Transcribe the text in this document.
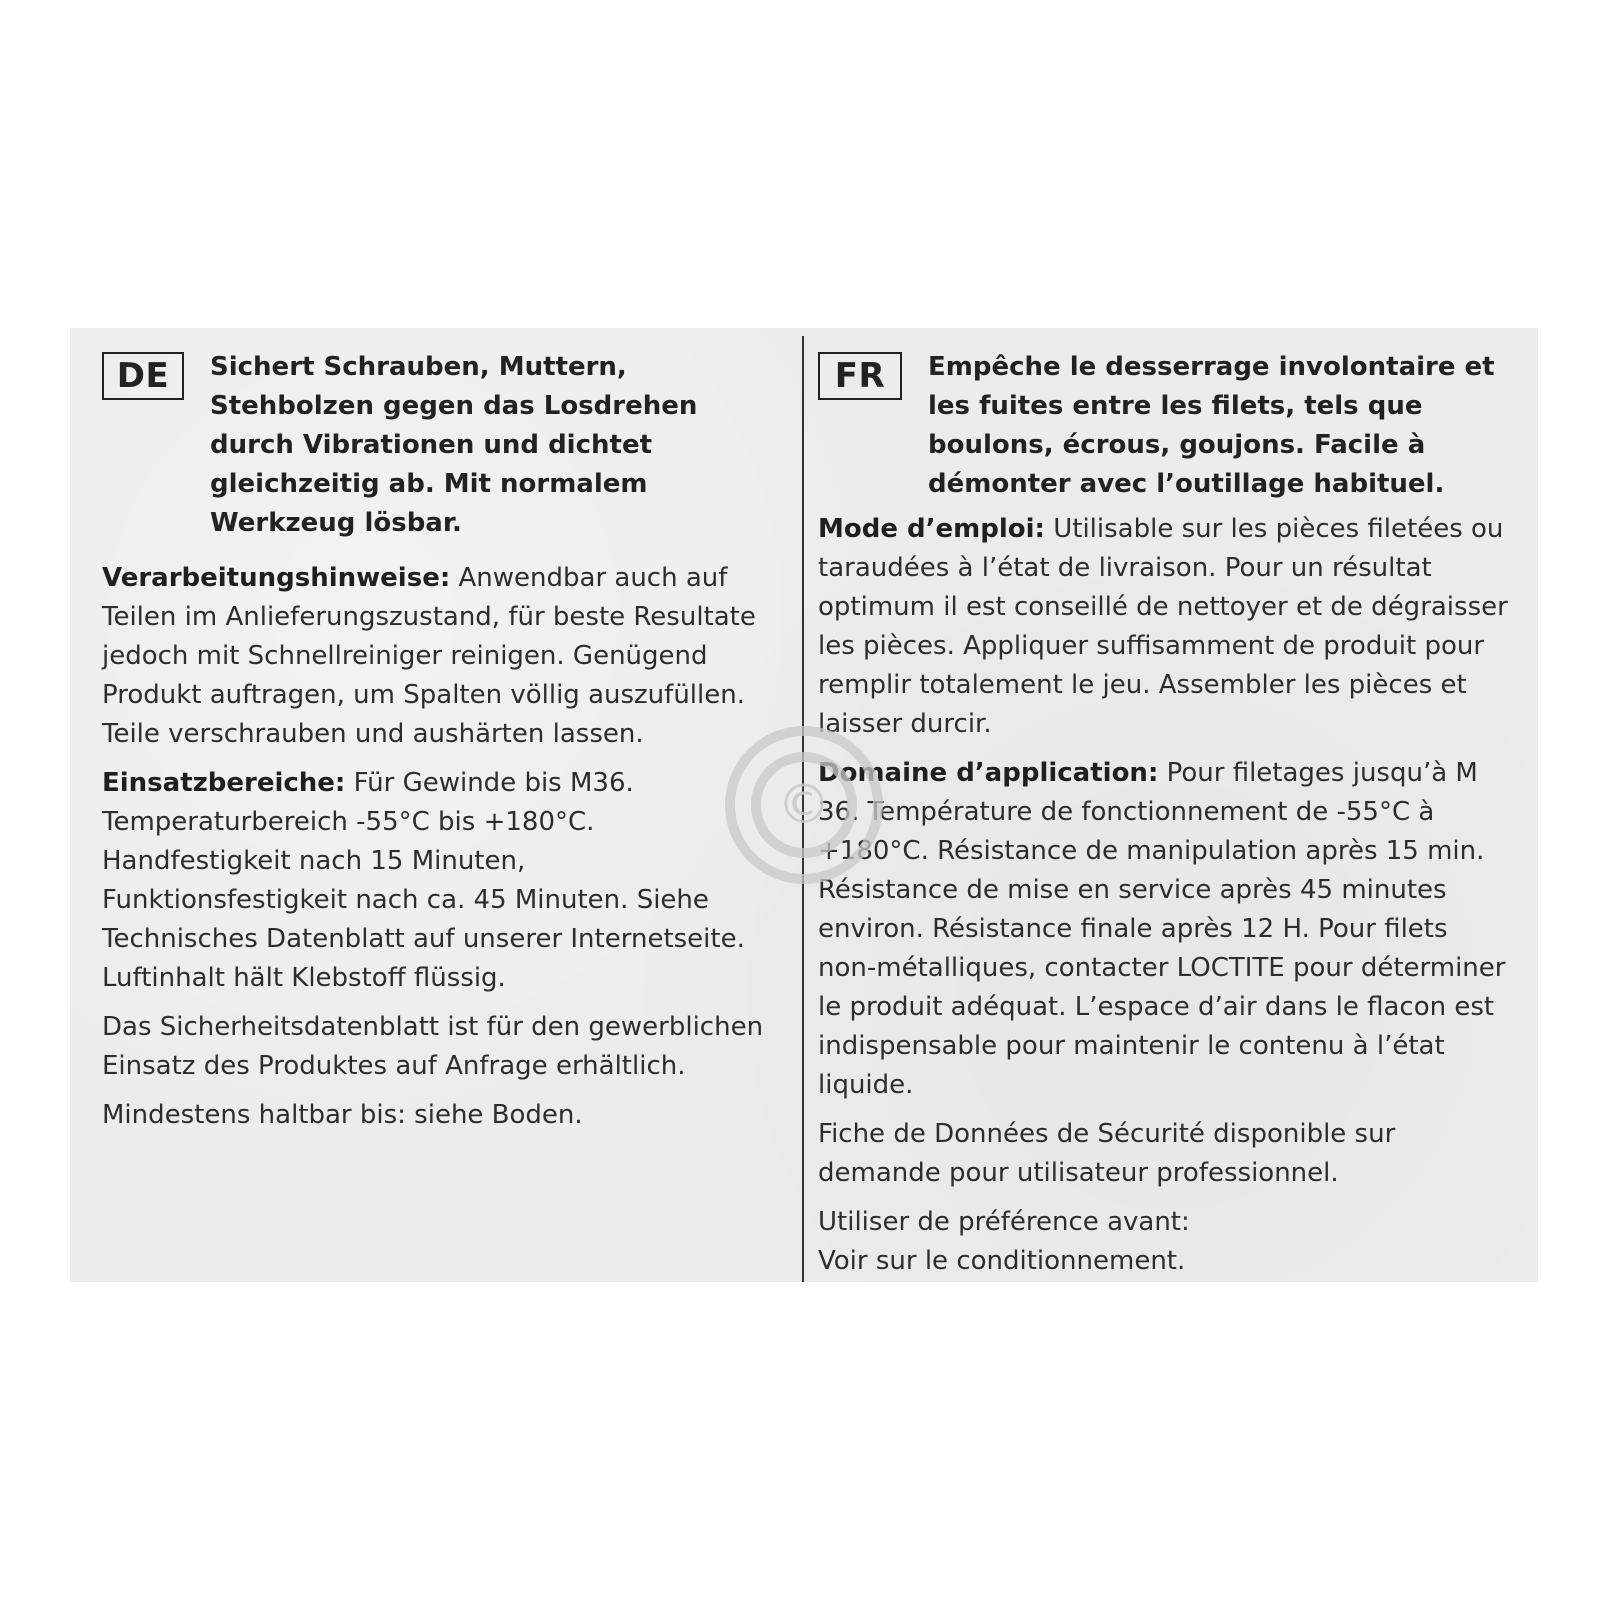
DE	Sichert Schrauben, Muttern, Stehbolzen gegen das Losdrehen durch Vibrationen und dichtet gleichzeitig ab. Mit normalem Werkzeug lösbar.
Verarbeitungshinweise: Anwendbar auch auf Teilen im Anlieferungszustand, für beste Resultate jedoch mit Schnellreiniger reinigen. Genügend Produkt auftragen, um Spalten völlig auszufüllen. Teile verschrauben und aushärten lassen.
Einsatzbereiche: Für Gewinde bis M36. Temperaturbereich -55°C bis +180°C. Handfestigkeit nach 15 Minuten, Funktionsfestigkeit nach ca. 45 Minuten. Siehe Technisches Datenblatt auf unserer Internetseite. Luftinhalt hält Klebstoff flüssig.
Das Sicherheitsdatenblatt ist für den gewerblichen Einsatz des Produktes auf Anfrage erhältlich.
Mindestens haltbar bis: siehe Boden.
FR	Empêche le desserrage involontaire et les fuites entre les filets, tels que boulons, écrous, goujons. Facile à démonter avec l’outillage habituel.
Mode d’emploi: Utilisable sur les pièces filetées ou taraudées à l’état de livraison. Pour un résultat optimum il est conseillé de nettoyer et de dégraisser les pièces. Appliquer suffisamment de produit pour remplir totalement le jeu. Assembler les pièces et laisser durcir.
Domaine d’application: Pour filetages jusqu’à M 36. Température de fonctionnement de -55°C à +180°C. Résistance de manipulation après 15 min. Résistance de mise en service après 45 minutes environ. Résistance finale après 12 H. Pour filets non-métalliques, contacter LOCTITE pour déterminer le produit adéquat. L’espace d’air dans le flacon est indispensable pour maintenir le contenu à l’état liquide.
Fiche de Données de Sécurité disponible sur demande pour utilisateur professionnel.
Utiliser de préférence avant:
Voir sur le conditionnement.
©
